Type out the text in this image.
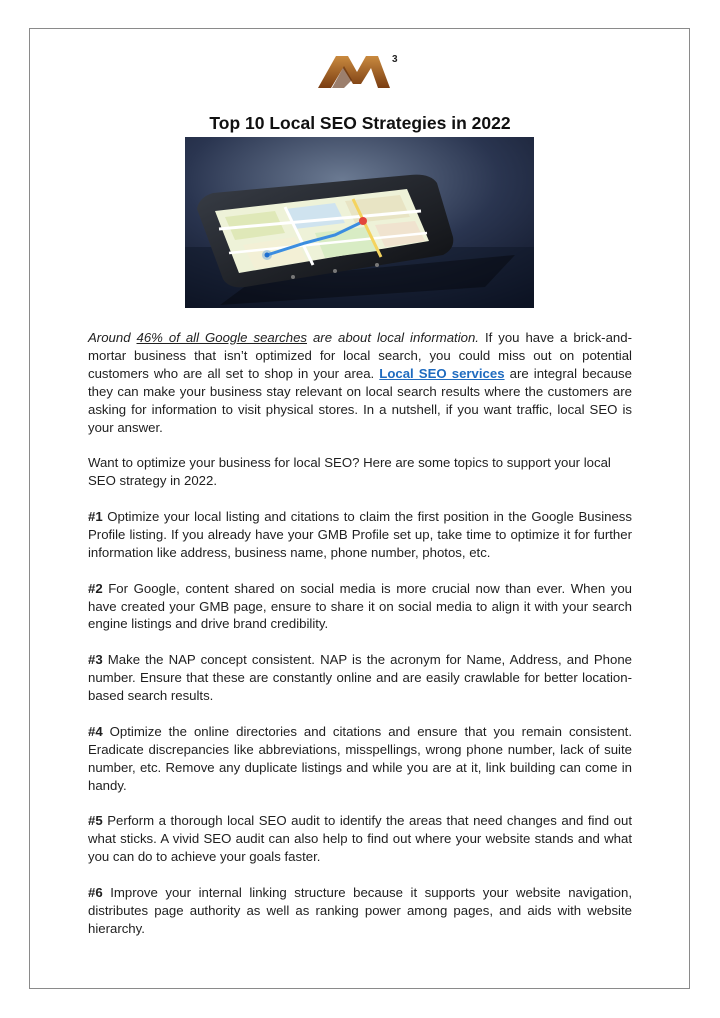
3
Top 10 Local SEO Strategies in 2022

Around 46% of all Google searches are about local information. If you have a brick-and-mortar business that isn’t optimized for local search, you could miss out on potential customers who are all set to shop in your area. Local SEO services are integral because they can make your business stay relevant on local search results where the customers are asking for information to visit physical stores. In a nutshell, if you want traffic, local SEO is your answer.

Want to optimize your business for local SEO? Here are some topics to support your local SEO strategy in 2022.

#1 Optimize your local listing and citations to claim the first position in the Google Business Profile listing. If you already have your GMB Profile set up, take time to optimize it for further information like address, business name, phone number, photos, etc.

#2 For Google, content shared on social media is more crucial now than ever. When you have created your GMB page, ensure to share it on social media to align it with your search engine listings and drive brand credibility.

#3 Make the NAP concept consistent. NAP is the acronym for Name, Address, and Phone number. Ensure that these are constantly online and are easily crawlable for better location-based search results.

#4 Optimize the online directories and citations and ensure that you remain consistent. Eradicate discrepancies like abbreviations, misspellings, wrong phone number, lack of suite number, etc. Remove any duplicate listings and while you are at it, link building can come in handy.

#5 Perform a thorough local SEO audit to identify the areas that need changes and find out what sticks. A vivid SEO audit can also help to find out where your website stands and what you can do to achieve your goals faster.

#6 Improve your internal linking structure because it supports your website navigation, distributes page authority as well as ranking power among pages, and aids with website hierarchy.
